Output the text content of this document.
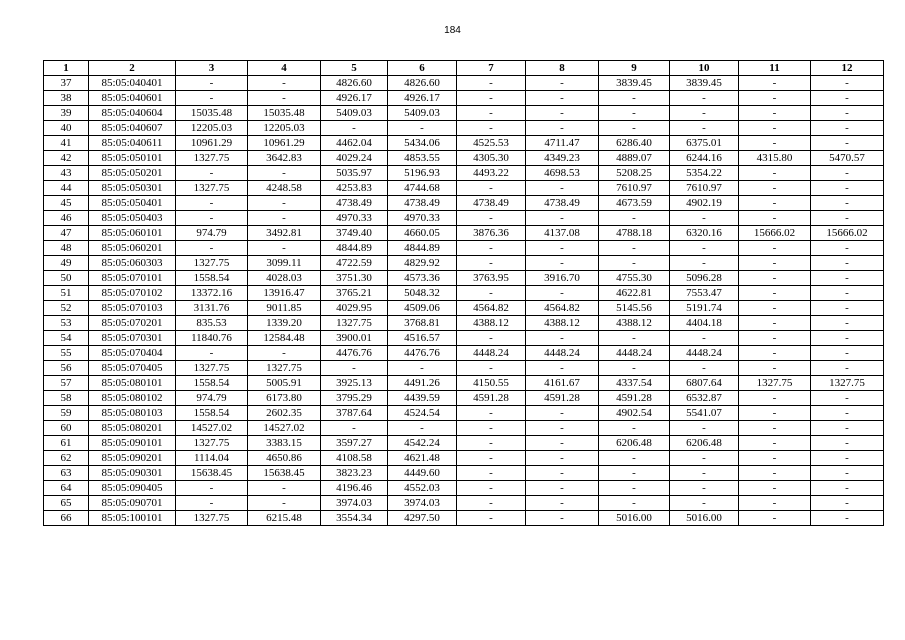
184
1	2	3	4	5	6	7	8	9	10	11	12
37	85:05:040401	-	-	4826.60	4826.60	-	-	3839.45	3839.45	-	-
38	85:05:040601	-	-	4926.17	4926.17	-	-	-	-	-	-
39	85:05:040604	15035.48	15035.48	5409.03	5409.03	-	-	-	-	-	-
40	85:05:040607	12205.03	12205.03	-	-	-	-	-	-	-	-
41	85:05:040611	10961.29	10961.29	4462.04	5434.06	4525.53	4711.47	6286.40	6375.01	-	-
42	85:05:050101	1327.75	3642.83	4029.24	4853.55	4305.30	4349.23	4889.07	6244.16	4315.80	5470.57
43	85:05:050201	-	-	5035.97	5196.93	4493.22	4698.53	5208.25	5354.22	-	-
44	85:05:050301	1327.75	4248.58	4253.83	4744.68	-	-	7610.97	7610.97	-	-
45	85:05:050401	-	-	4738.49	4738.49	4738.49	4738.49	4673.59	4902.19	-	-
46	85:05:050403	-	-	4970.33	4970.33	-	-	-	-	-	-
47	85:05:060101	974.79	3492.81	3749.40	4660.05	3876.36	4137.08	4788.18	6320.16	15666.02	15666.02
48	85:05:060201	-	-	4844.89	4844.89	-	-	-	-	-	-
49	85:05:060303	1327.75	3099.11	4722.59	4829.92	-	-	-	-	-	-
50	85:05:070101	1558.54	4028.03	3751.30	4573.36	3763.95	3916.70	4755.30	5096.28	-	-
51	85:05:070102	13372.16	13916.47	3765.21	5048.32	-	-	4622.81	7553.47	-	-
52	85:05:070103	3131.76	9011.85	4029.95	4509.06	4564.82	4564.82	5145.56	5191.74	-	-
53	85:05:070201	835.53	1339.20	1327.75	3768.81	4388.12	4388.12	4388.12	4404.18	-	-
54	85:05:070301	11840.76	12584.48	3900.01	4516.57	-	-	-	-	-	-
55	85:05:070404	-	-	4476.76	4476.76	4448.24	4448.24	4448.24	4448.24	-	-
56	85:05:070405	1327.75	1327.75	-	-	-	-	-	-	-	-
57	85:05:080101	1558.54	5005.91	3925.13	4491.26	4150.55	4161.67	4337.54	6807.64	1327.75	1327.75
58	85:05:080102	974.79	6173.80	3795.29	4439.59	4591.28	4591.28	4591.28	6532.87	-	-
59	85:05:080103	1558.54	2602.35	3787.64	4524.54	-	-	4902.54	5541.07	-	-
60	85:05:080201	14527.02	14527.02	-	-	-	-	-	-	-	-
61	85:05:090101	1327.75	3383.15	3597.27	4542.24	-	-	6206.48	6206.48	-	-
62	85:05:090201	1114.04	4650.86	4108.58	4621.48	-	-	-	-	-	-
63	85:05:090301	15638.45	15638.45	3823.23	4449.60	-	-	-	-	-	-
64	85:05:090405	-	-	4196.46	4552.03	-	-	-	-	-	-
65	85:05:090701	-	-	3974.03	3974.03	-	-	-	-	-	-
66	85:05:100101	1327.75	6215.48	3554.34	4297.50	-	-	5016.00	5016.00	-	-
